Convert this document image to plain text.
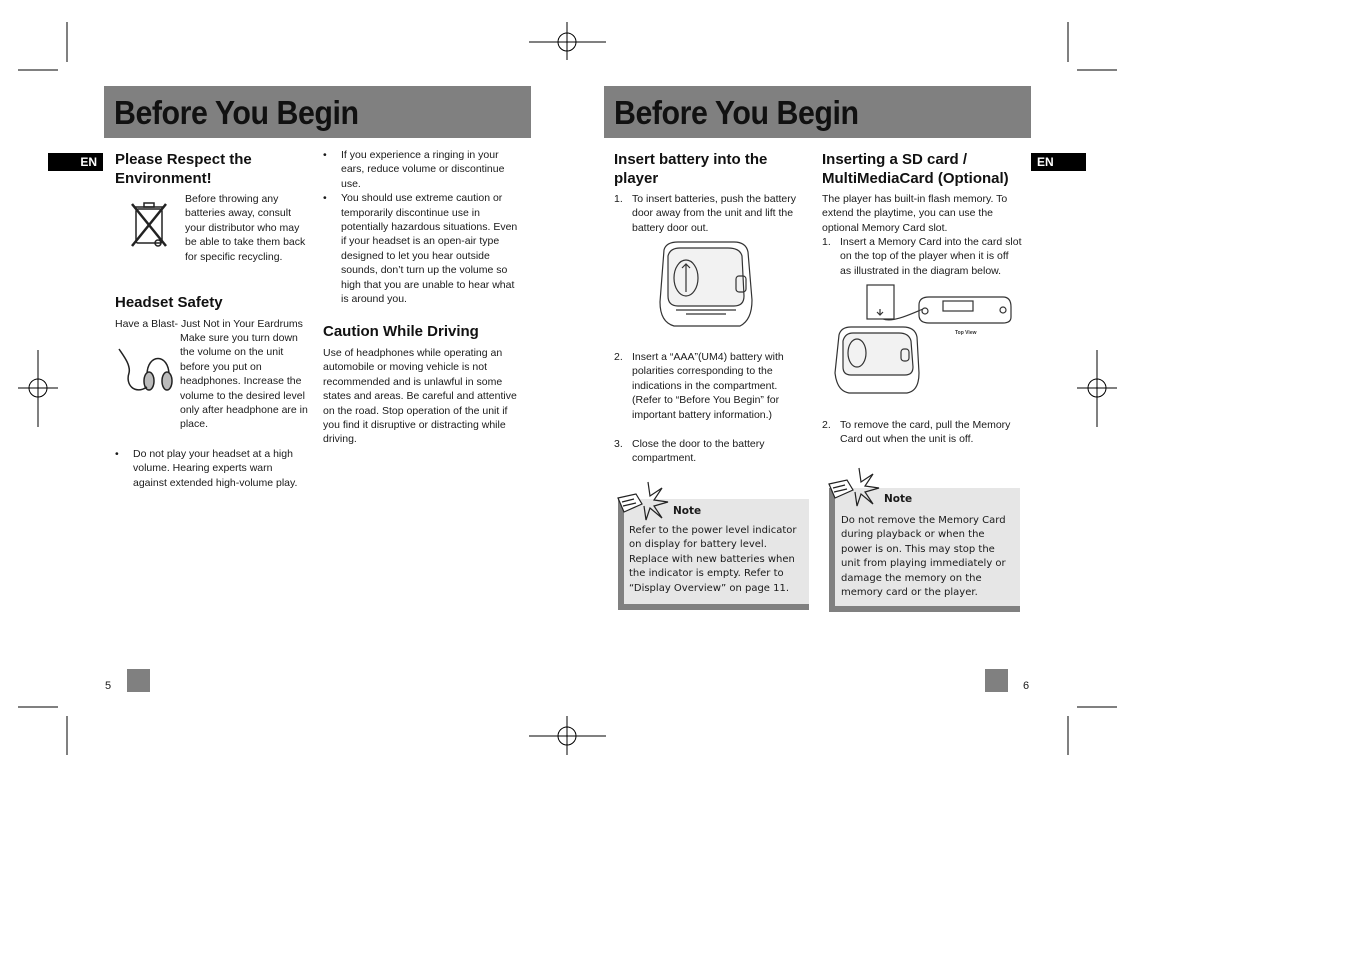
Before You Begin
EN	Please Respect the Environment!

Before throwing any batteries away, consult your distributor who may be able to take them back for specific recycling.

Headset Safety

Have a Blast- Just Not in Your Eardrums

Make sure you turn down the volume on the unit before you put on headphones. Increase the volume to the desired level only after headphone are in place.

• Do not play your headset at a high volume. Hearing experts warn against extended high-volume play.
• If you experience a ringing in your ears, reduce volume or discontinue use.
• You should use extreme caution or temporarily discontinue use in potentially hazardous situations. Even if your headset is an open-air type designed to let you hear outside sounds, don’t turn up the volume so high that you are unable to hear what is around you.
Caution While Driving

Use of headphones while operating an automobile or moving vehicle is not recommended and is unlawful in some states and areas. Be careful and attentive on the road. Stop operation of the unit if you find it disruptive or distracting while driving.

5
Before You Begin
EN
Insert battery into the player
1. To insert batteries, push the battery door away from the unit and lift the battery door out.
2. Insert a “AAA”(UM4) battery with polarities corresponding to the indications in the compartment. (Refer to “Before You Begin” for important battery information.)
3. Close the door to the battery compartment.
Note

Refer to the power level indicator on display for battery level. Replace with new batteries when the indicator is empty. Refer to “Display Overview” on page 11.

Inserting a SD card / MultiMediaCard (Optional)

The player has built-in flash memory. To extend the playtime, you can use the optional Memory Card slot.

1. Insert a Memory Card into the card slot on the top of the player when it is off as illustrated in the diagram below.
Top View
2. To remove the card, pull the Memory Card out when the unit is off.
Note

Do not remove the Memory Card during playback or when the power is on. This may stop the unit from playing immediately or damage the memory on the memory card or the player.

6
